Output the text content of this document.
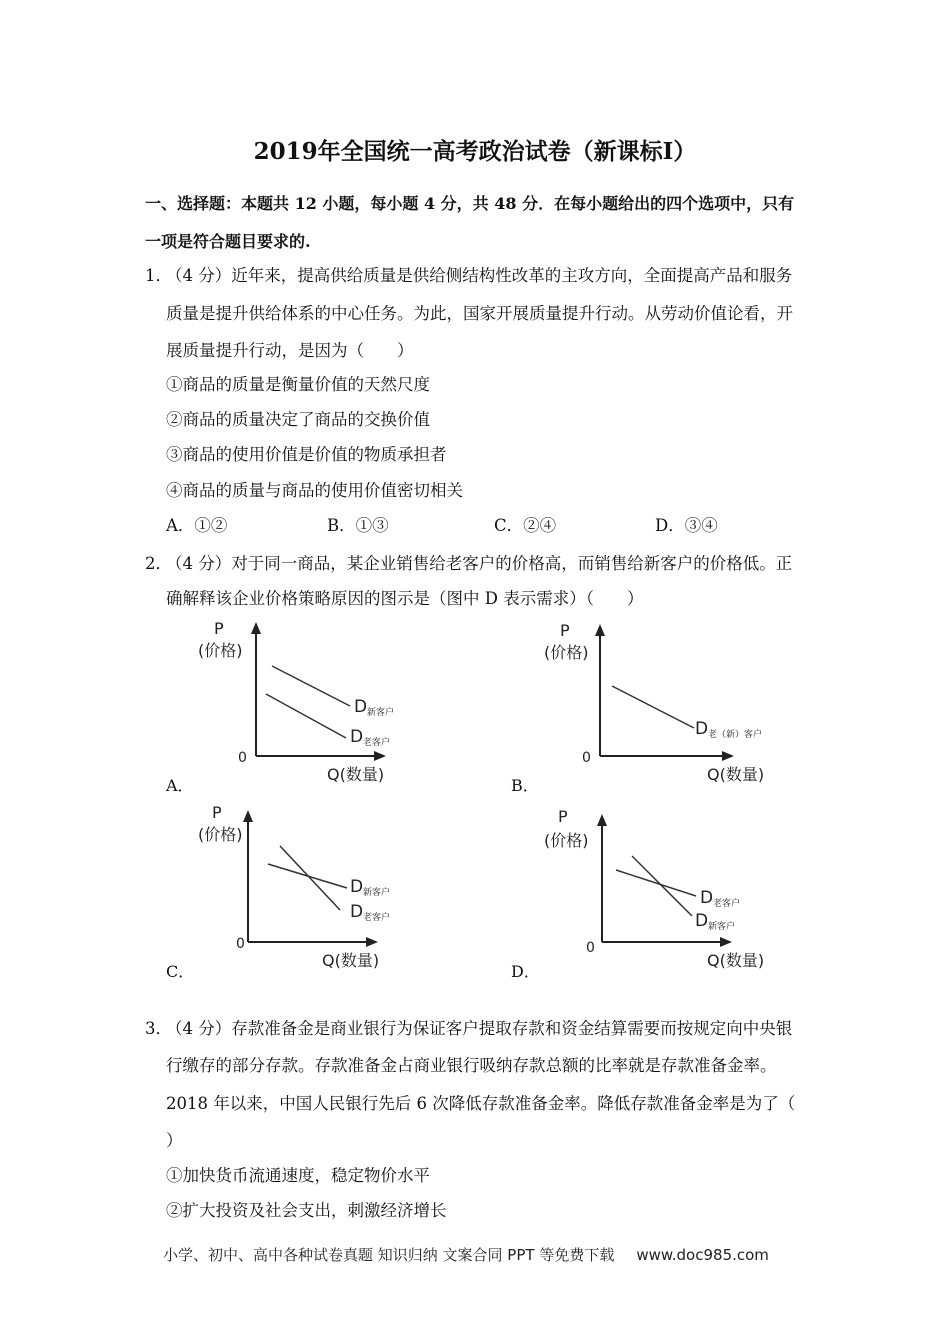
2019年全国统一高考政治试卷（新课标Ⅰ）
一、选择题：本题共 12 小题，每小题 4 分，共 48 分．在每小题给出的四个选项中，只有
一项是符合题目要求的.
1．
（4 分）近年来，提高供给质量是供给侧结构性改革的主攻方向，全面提高产品和服务
质量是提升供给体系的中心任务。为此，国家开展质量提升行动。从劳动价值论看，开
展质量提升行动，是因为（　　）
①商品的质量是衡量价值的天然尺度
②商品的质量决定了商品的交换价值
③商品的使用价值是价值的物质承担者
④商品的质量与商品的使用价值密切相关
A．①②	B．①③	C．②④	D．③④
2．
（4 分）对于同一商品，某企业销售给老客户的价格高，而销售给新客户的价格低。正
确解释该企业价格策略原因的图示是（图中 D 表示需求）（　　）
P
(价格)
0
Q(数量)
D 新客户
D 老客户
A．
P
(价格)
0
Q(数量)
D 老（新）客户
B．
P
(价格)
0
Q(数量)
D 新客户
D 老客户
C．
P
(价格)
0
Q(数量)
D 老客户
D 新客户
D．
3．
（4 分）存款准备金是商业银行为保证客户提取存款和资金结算需要而按规定向中央银
行缴存的部分存款。存款准备金占商业银行吸纳存款总额的比率就是存款准备金率。
2018 年以来，中国人民银行先后 6 次降低存款准备金率。降低存款准备金率是为了（
）
①加快货币流通速度，稳定物价水平
②扩大投资及社会支出，刺激经济增长
小学、初中、高中各种试卷真题 知识归纳 文案合同 PPT 等免费下载 www.doc985.com
